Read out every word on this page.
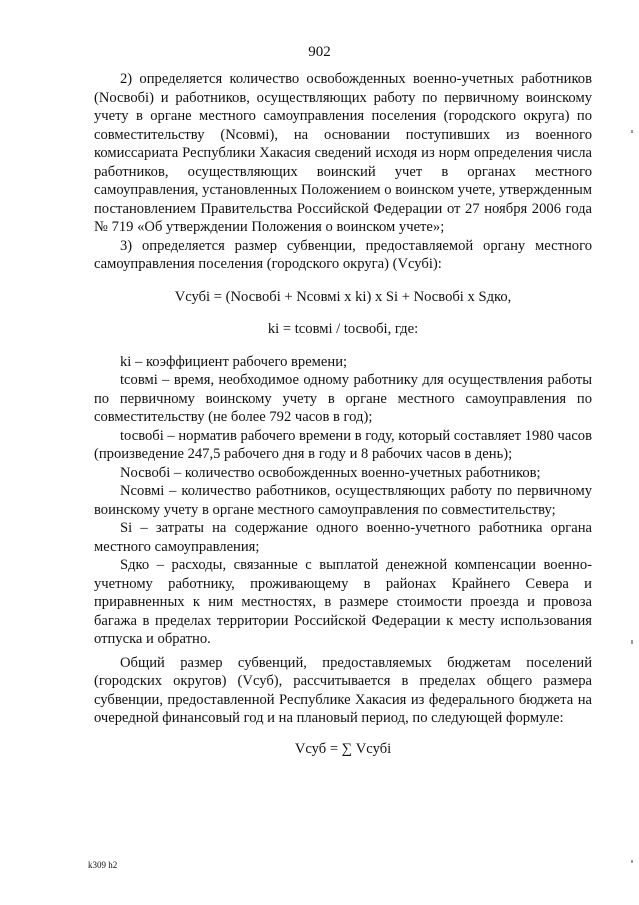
902

2) определяется количество освобожденных военно-учетных работников (Nосвобi) и работников, осуществляющих работу по первичному воинскому учету в органе местного самоуправления поселения (городского округа) по совместительству (Nсовмi), на основании поступивших из военного комиссариата Республики Хакасия сведений исходя из норм определения числа работников, осуществляющих воинский учет в органах местного самоуправления, установленных Положением о воинском учете, утвержденным постановлением Правительства Российской Федерации от 27 ноября 2006 года № 719 «Об утверждении Положения о воинском учете»;

3) определяется размер субвенции, предоставляемой органу местного самоуправления поселения (городского округа) (Vсубi):

Vсубi = (Nосвобi + Nсовмi x ki) x Si + Nосвобi x Sдко,

ki = tсовмi / tосвобi, где:

ki – коэффициент рабочего времени;

tсовмi – время, необходимое одному работнику для осуществления работы по первичному воинскому учету в органе местного самоуправления по совместительству (не более 792 часов в год);

tосвобi – норматив рабочего времени в году, который составляет 1980 часов (произведение 247,5 рабочего дня в году и 8 рабочих часов в день);

Nосвобi – количество освобожденных военно-учетных работников;

Nсовмi – количество работников, осуществляющих работу по первичному воинскому учету в органе местного самоуправления по совместительству;

Si – затраты на содержание одного военно-учетного работника органа местного самоуправления;

Sдко – расходы, связанные с выплатой денежной компенсации военно-учетному работнику, проживающему в районах Крайнего Севера и приравненных к ним местностях, в размере стоимости проезда и провоза багажа в пределах территории Российской Федерации к месту использования отпуска и обратно.

Общий размер субвенций, предоставляемых бюджетам поселений (городских округов) (Vсуб), рассчитывается в пределах общего размера субвенции, предоставленной Республике Хакасия из федерального бюджета на очередной финансовый год и на плановый период, по следующей формуле:

Vсуб = ∑ Vсубi

k309 h2
